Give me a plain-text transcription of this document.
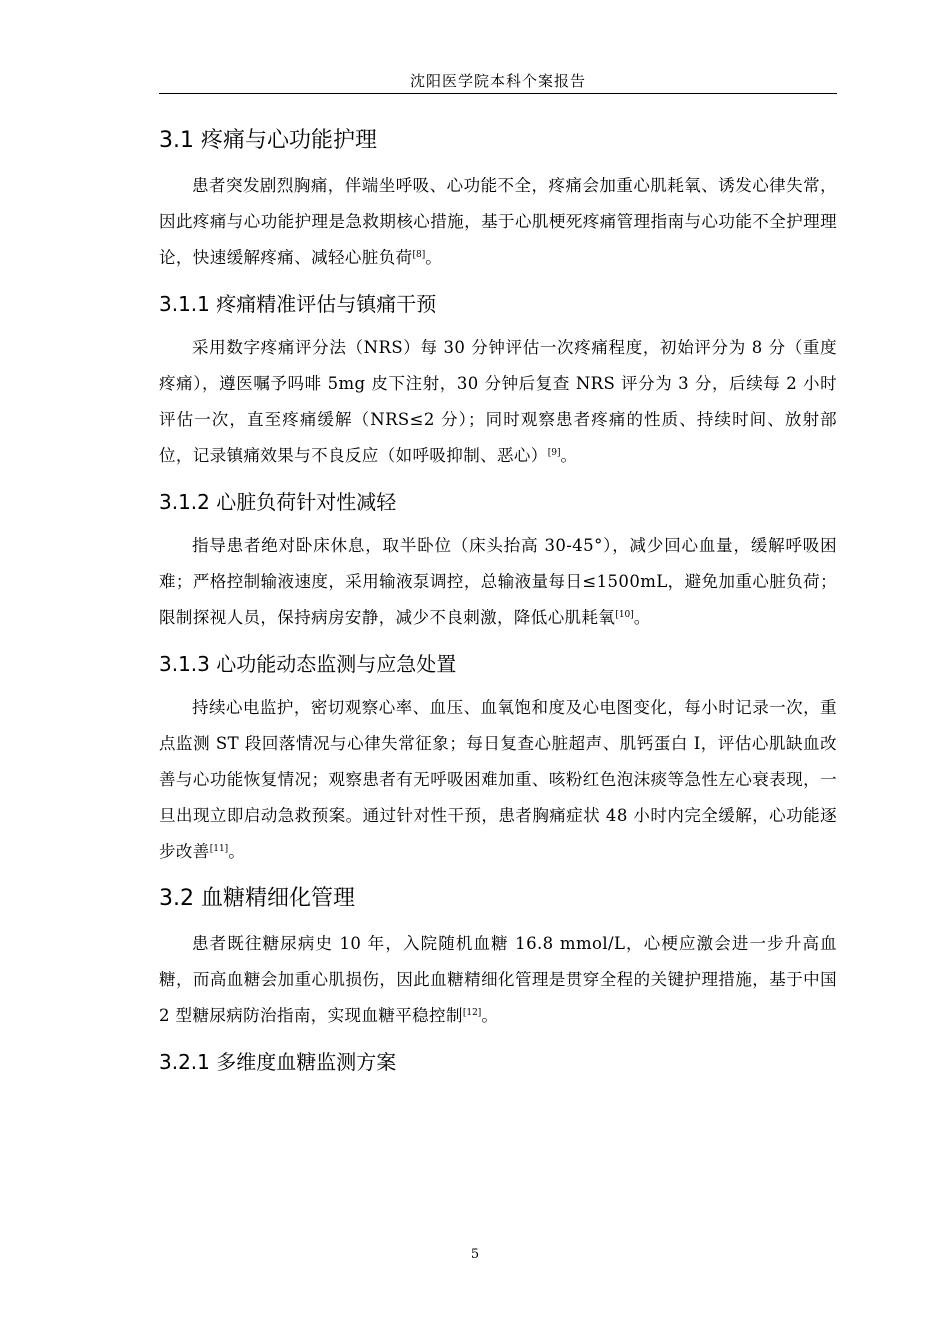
沈阳医学院本科个案报告
3.1 疼痛与心功能护理

患者突发剧烈胸痛，伴端坐呼吸、心功能不全，疼痛会加重心肌耗氧、诱发心律失常，因此疼痛与心功能护理是急救期核心措施，基于心肌梗死疼痛管理指南与心功能不全护理理论，快速缓解疼痛、减轻心脏负荷[8]。

3.1.1 疼痛精准评估与镇痛干预

采用数字疼痛评分法（NRS）每 30 分钟评估一次疼痛程度，初始评分为 8 分（重度疼痛），遵医嘱予吗啡 5mg 皮下注射，30 分钟后复查 NRS 评分为 3 分，后续每 2 小时评估一次，直至疼痛缓解（NRS≤2 分）；同时观察患者疼痛的性质、持续时间、放射部位，记录镇痛效果与不良反应（如呼吸抑制、恶心）[9]。

3.1.2 心脏负荷针对性减轻

指导患者绝对卧床休息，取半卧位（床头抬高 30-45°），减少回心血量，缓解呼吸困难；严格控制输液速度，采用输液泵调控，总输液量每日≤1500mL，避免加重心脏负荷；限制探视人员，保持病房安静，减少不良刺激，降低心肌耗氧[10]。

3.1.3 心功能动态监测与应急处置

持续心电监护，密切观察心率、血压、血氧饱和度及心电图变化，每小时记录一次，重点监测 ST 段回落情况与心律失常征象；每日复查心脏超声、肌钙蛋白 I，评估心肌缺血改善与心功能恢复情况；观察患者有无呼吸困难加重、咳粉红色泡沫痰等急性左心衰表现，一旦出现立即启动急救预案。通过针对性干预，患者胸痛症状 48 小时内完全缓解，心功能逐步改善[11]。

3.2 血糖精细化管理

患者既往糖尿病史 10 年，入院随机血糖 16.8 mmol/L，心梗应激会进一步升高血糖，而高血糖会加重心肌损伤，因此血糖精细化管理是贯穿全程的关键护理措施，基于中国 2 型糖尿病防治指南，实现血糖平稳控制[12]。

3.2.1 多维度血糖监测方案
5
